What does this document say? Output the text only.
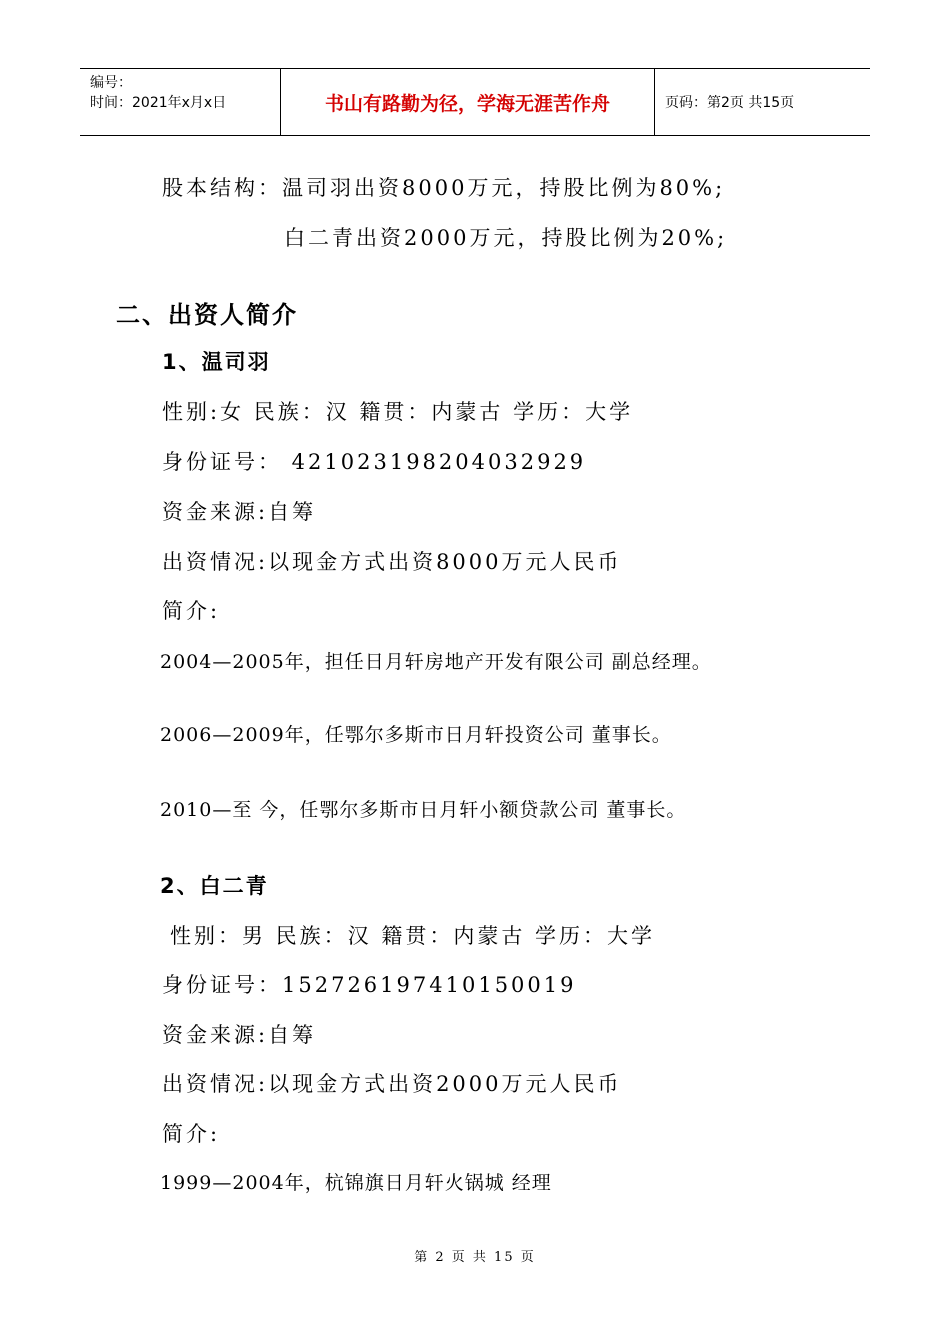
编号：
时间：2021年x月x日	书山有路勤为径，学海无涯苦作舟	页码：第2页 共15页
股本结构：温司羽出资8000万元，持股比例为80%;
白二青出资2000万元，持股比例为20%;
二、出资人简介
1、温司羽
性别:女 民族：汉 籍贯：内蒙古 学历：大学
身份证号： 421023198204032929
资金来源:自筹
出资情况:以现金方式出资8000万元人民币
简介:
2004—2005年，担任日月轩房地产开发有限公司 副总经理。
2006—2009年，任鄂尔多斯市日月轩投资公司 董事长。
2010—至 今，任鄂尔多斯市日月轩小额贷款公司 董事长。
2、白二青
性别：男 民族：汉 籍贯：内蒙古 学历：大学
身份证号：152726197410150019
资金来源:自筹
出资情况:以现金方式出资2000万元人民币
简介:
1999—2004年，杭锦旗日月轩火锅城 经理
第 2 页 共 15 页
